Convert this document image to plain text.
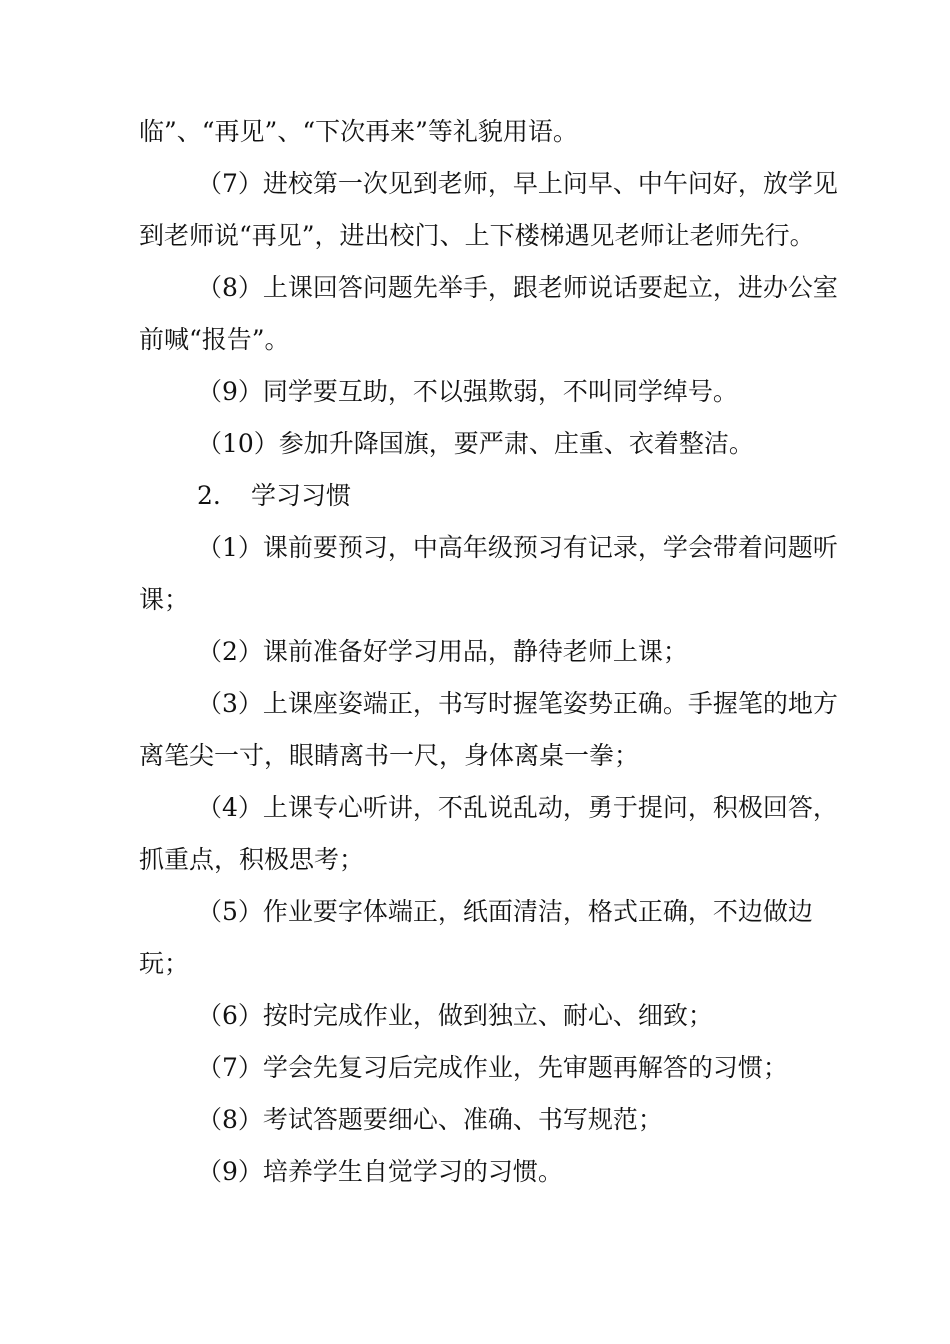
临”、“再见”、“下次再来”等礼貌用语。

（7）进校第一次见到老师，早上问早、中午问好，放学见到老师说“再见”，进出校门、上下楼梯遇见老师让老师先行。

（8）上课回答问题先举手，跟老师说话要起立，进办公室前喊“报告”。

（9）同学要互助，不以强欺弱，不叫同学绰号。

（10）参加升降国旗，要严肃、庄重、衣着整洁。

2. 学习习惯

（1）课前要预习，中高年级预习有记录，学会带着问题听课；

（2）课前准备好学习用品，静待老师上课；

（3）上课座姿端正，书写时握笔姿势正确。手握笔的地方离笔尖一寸，眼睛离书一尺，身体离桌一拳；

（4）上课专心听讲，不乱说乱动，勇于提问，积极回答，抓重点，积极思考；

（5）作业要字体端正，纸面清洁，格式正确，不边做边玩；

（6）按时完成作业，做到独立、耐心、细致；

（7）学会先复习后完成作业，先审题再解答的习惯；

（8）考试答题要细心、准确、书写规范；

（9）培养学生自觉学习的习惯。
